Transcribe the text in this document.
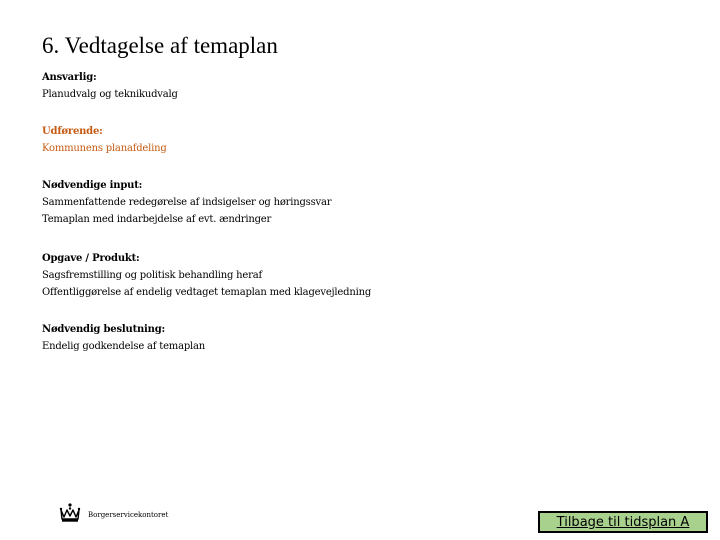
6. Vedtagelse af temaplan
Ansvarlig:
Planudvalg og teknikudvalg
Udførende:
Kommunens planafdeling
Nødvendige input:
Sammenfattende redegørelse af indsigelser og høringssvar
Temaplan med indarbejdelse af evt. ændringer
Opgave / Produkt:
Sagsfremstilling og politisk behandling heraf
Offentliggørelse af endelig vedtaget temaplan med klagevejledning
Nødvendig beslutning:
Endelig godkendelse af temaplan
Borgerservicekontoret	Tilbage til tidsplan A
